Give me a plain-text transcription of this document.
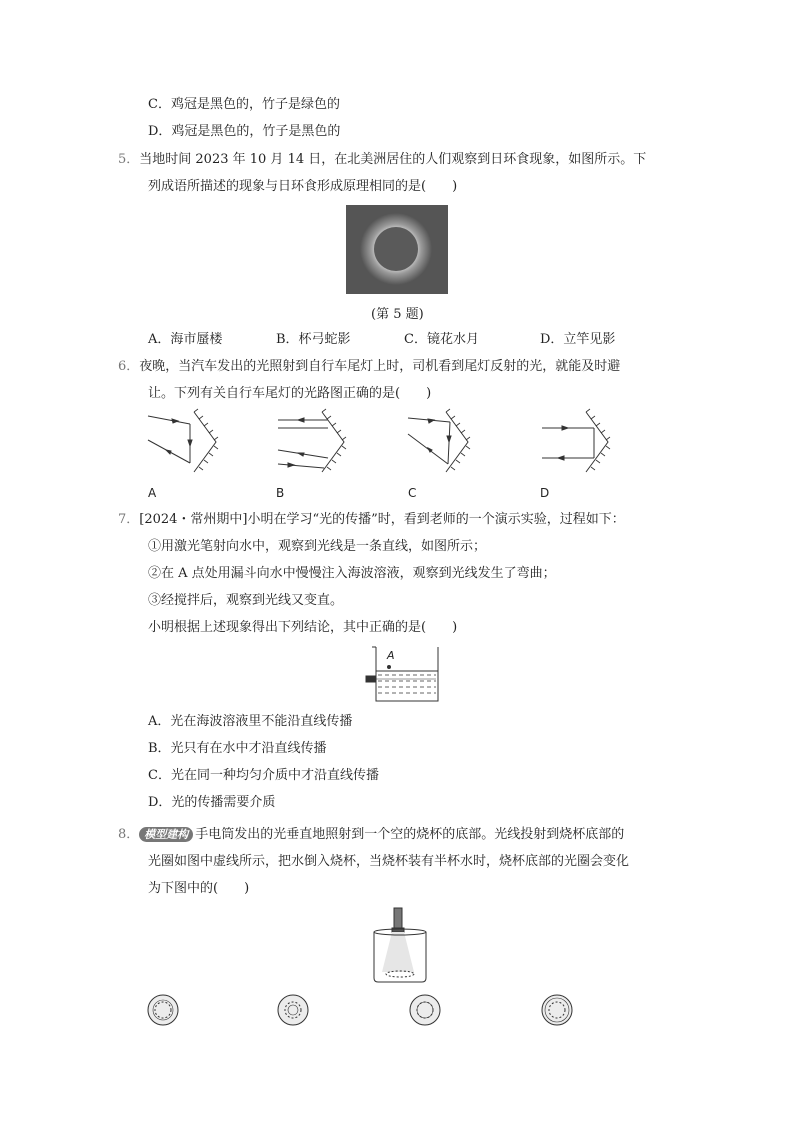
C．鸡冠是黑色的，竹子是绿色的
D．鸡冠是黑色的，竹子是黑色的
5．当地时间 2023 年 10 月 14 日，在北美洲居住的人们观察到日环食现象，如图所示。下
列成语所描述的现象与日环食形成原理相同的是(　　)
(第 5 题)
A．海市蜃楼	B．杯弓蛇影	C．镜花水月	D．立竿见影
6．夜晚，当汽车发出的光照射到自行车尾灯上时，司机看到尾灯反射的光，就能及时避
让。下列有关自行车尾灯的光路图正确的是(　　)
A	B	C	D
7．[2024・常州期中]小明在学习“光的传播”时，看到老师的一个演示实验，过程如下：
①用激光笔射向水中，观察到光线是一条直线，如图所示；
②在 A 点处用漏斗向水中慢慢注入海波溶液，观察到光线发生了弯曲；
③经搅拌后，观察到光线又变直。
小明根据上述现象得出下列结论，其中正确的是(　　)
A
A．光在海波溶液里不能沿直线传播
B．光只有在水中才沿直线传播
C．光在同一种均匀介质中才沿直线传播
D．光的传播需要介质
8． 模型建构 手电筒发出的光垂直地照射到一个空的烧杯的底部。光线投射到烧杯底部的
光圈如图中虚线所示，把水倒入烧杯，当烧杯装有半杯水时，烧杯底部的光圈会变化
为下图中的(　　)
